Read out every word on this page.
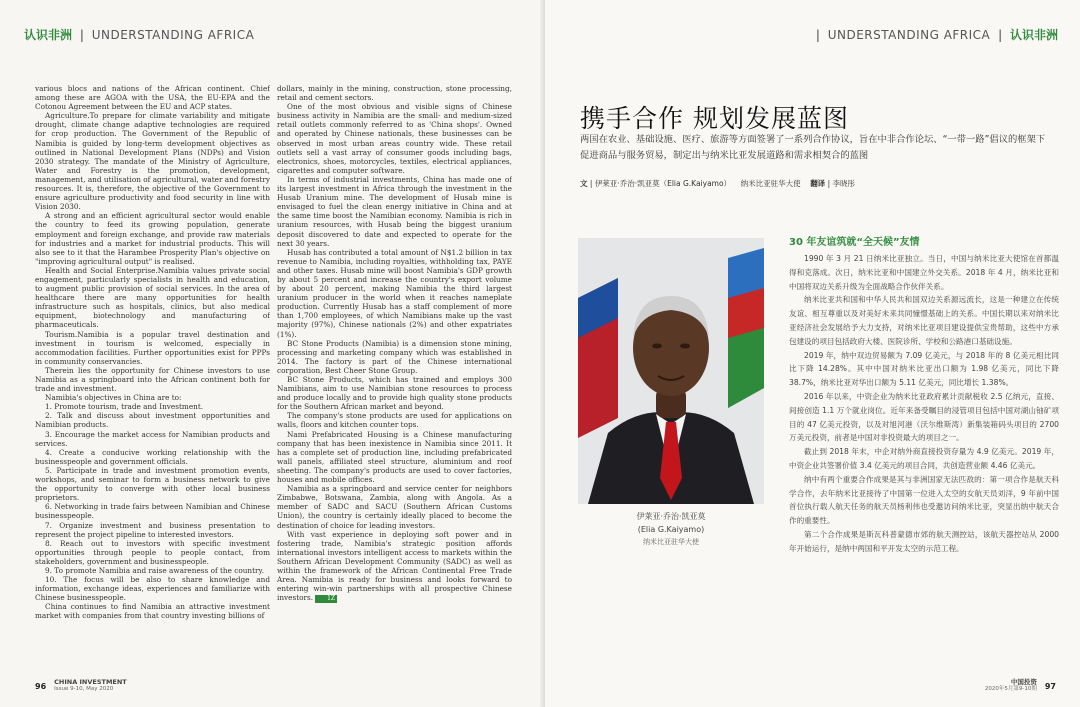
认识非洲 | UNDERSTANDING AFRICA

various blocs and nations of the African continent. Chief among these are AGOA with the USA, the EU-EPA and the Cotonou Agreement between the EU and ACP states.

Agriculture.To prepare for climate variability and mitigate drought, climate change adaptive technologies are required for crop production. The Government of the Republic of Namibia is guided by long-term development objectives as outlined in National Development Plans (NDPs) and Vision 2030 strategy. The mandate of the Ministry of Agriculture, Water and Forestry is the promotion, development, management, and utilisation of agricultural, water and forestry resources. It is, therefore, the objective of the Government to ensure agriculture productivity and food security in line with Vision 2030.

A strong and an efficient agricultural sector would enable the country to feed its growing population, generate employment and foreign exchange, and provide raw materials for industries and a market for industrial products. This will also see to it that the Harambee Prosperity Plan's objective on "improving agricultural output" is realised.

Health and Social Enterprise.Namibia values private social engagement, particularly specialists in health and education, to augment public provision of social services. In the area of healthcare there are many opportunities for health infrastructure such as hospitals, clinics, but also medical equipment, biotechnology and manufacturing of pharmaceuticals.

Tourism.Namibia is a popular travel destination and investment in tourism is welcomed, especially in accommodation facilities. Further opportunities exist for PPPs in community conservancies.

Therein lies the opportunity for Chinese investors to use Namibia as a springboard into the African continent both for trade and investment.

Namibia's objectives in China are to:

1. Promote tourism, trade and Investment.

2. Talk and discuss about investment opportunities and Namibian products.

3. Encourage the market access for Namibian products and services.

4. Create a conducive working relationship with the businesspeople and government officials.

5. Participate in trade and investment promotion events, workshops, and seminar to form a business network to give the opportunity to converge with other local business proprietors.

6. Networking in trade fairs between Namibian and Chinese businesspeople.

7. Organize investment and business presentation to represent the project pipeline to interested investors.

8. Reach out to investors with specific investment opportunities through people to people contact, from stakeholders, government and businesspeople.

9. To promote Namibia and raise awareness of the country.

10. The focus will be also to share knowledge and information, exchange ideas, experiences and familiarize with Chinese businesspeople.

China continues to find Namibia an attractive investment market with companies from that country investing billions of

dollars, mainly in the mining, construction, stone processing, retail and cement sectors.

One of the most obvious and visible signs of Chinese business activity in Namibia are the small- and medium-sized retail outlets commonly referred to as 'China shops'. Owned and operated by Chinese nationals, these businesses can be observed in most urban areas country wide. These retail outlets sell a vast array of consumer goods including bags, electronics, shoes, motorcycles, textiles, electrical appliances, cigarettes and computer software.

In terms of industrial investments, China has made one of its largest investment in Africa through the investment in the Husab Uranium mine. The development of Husab mine is envisaged to fuel the clean energy initiative in China and at the same time boost the Namibian economy. Namibia is rich in uranium resources, with Husab being the biggest uranium deposit discovered to date and expected to operate for the next 30 years.

Husab has contributed a total amount of N$1.2 billion in tax revenue to Namibia, including royalties, withholding tax, PAYE and other taxes. Husab mine will boost Namibia's GDP growth by about 5 percent and increase the country's export volume by about 20 percent, making Namibia the third largest uranium producer in the world when it reaches nameplate production. Currently Husab has a staff complement of more than 1,700 employees, of which Namibians make up the vast majority (97%), Chinese nationals (2%) and other expatriates (1%).

BC Stone Products (Namibia) is a dimension stone mining, processing and marketing company which was established in 2014. The factory is part of the Chinese international corporation, Best Cheer Stone Group.

BC Stone Products, which has trained and employs 300 Namibians, aim to use Namibian stone resources to process and produce locally and to provide high quality stone products for the Southern African market and beyond.

The company's stone products are used for applications on walls, floors and kitchen counter tops.

Nami Prefabricated Housing is a Chinese manufacturing company that has been inexistence in Namibia since 2011. It has a complete set of production line, including prefabricated wall panels, affiliated steel structure, aluminium and roof sheeting. The company's products are used to cover factories, houses and mobile offices.

Namibia as a springboard and service center for neighbors Zimbabwe, Botswana, Zambia, along with Angola. As a member of SADC and SACU (Southern African Customs Union), the country is certainly ideally placed to become the destination of choice for leading investors.

With vast experience in deploying soft power and in fostering trade, Namibia's strategic position affords international investors intelligent access to markets within the Southern African Development Community (SADC) as well as within the framework of the African Continental Free Trade Area. Namibia is ready for business and looks forward to entering win-win partnerships with all prospective Chinese investors. 1Z

96 CHINA INVESTMENT
Issue 9-10, May 2020
| UNDERSTANDING AFRICA | 认识非洲
携手合作 规划发展蓝图
两国在农业、基础设施、医疗、旅游等方面签署了一系列合作协议，旨在中非合作论坛、“一带一路”倡议的框架下促进商品与服务贸易，制定出与纳米比亚发展道路和需求相契合的蓝图
文 | 伊莱亚·乔治·凯亚莫（Elia G.Kaiyamo） 纳米比亚驻华大使 翻译 | 李晓彤
伊莱亚·乔治·凯亚莫
(Elia G.Kaiyamo)
纳米比亚驻华大使
30 年友谊筑就“全天候”友情

1990 年 3 月 21 日纳米比亚独立。当日，中国与纳米比亚大使馆在首都温得和克落成。次日，纳米比亚和中国建立外交关系。2018 年 4 月，纳米比亚和中国将双边关系升级为全面战略合作伙伴关系。

纳米比亚共和国和中华人民共和国双边关系源远流长，这是一种建立在传统友谊、相互尊重以及对美好未来共同憧憬基础上的关系。中国长期以来对纳米比亚经济社会发展给予大力支持，对纳米比亚项目建设提供宝贵帮助，这些中方承包建设的项目包括政府大楼、医院诊所、学校和公路港口基础设施。

2019 年，纳中双边贸易额为 7.09 亿美元，与 2018 年的 8 亿美元相比同比下降 14.28%。其中中国对纳米比亚出口额为 1.98 亿美元，同比下降 38.7%，纳米比亚对华出口额为 5.11 亿美元，同比增长 1.38%。

2016 年以来，中资企业为纳米比亚政府累计贡献税收 2.5 亿纳元，直接、间接创造 1.1 万个就业岗位。近年来备受瞩目的浸管项目包括中国对湖山铀矿项目的 47 亿美元投资，以及对旭河港（沃尔维斯湾）新集装箱码头项目的 2700 万美元投资，前者是中国对非投资最大的项目之一。

截止到 2018 年末，中企对纳外商直接投资存量为 4.9 亿美元。2019 年，中资企业共签署价值 3.4 亿美元的项目合同，共创造营业额 4.46 亿美元。

纳中有两个重要合作成果是其与非洲国家无法匹敌的：第一项合作是航天科学合作，去年纳米比亚接待了中国第一位进入太空的女航天员刘洋，9 年前中国首位执行载人航天任务的航天员杨利伟也受邀访问纳米比亚，突显出纳中航天合作的重要性。

第二个合作成果是斯瓦科普蒙德市郊的航天测控站，该航天器控站从 2000 年开始运行，是纳中两国和平开发太空的示范工程。

中国投资
2020年5月第9-10期 97
